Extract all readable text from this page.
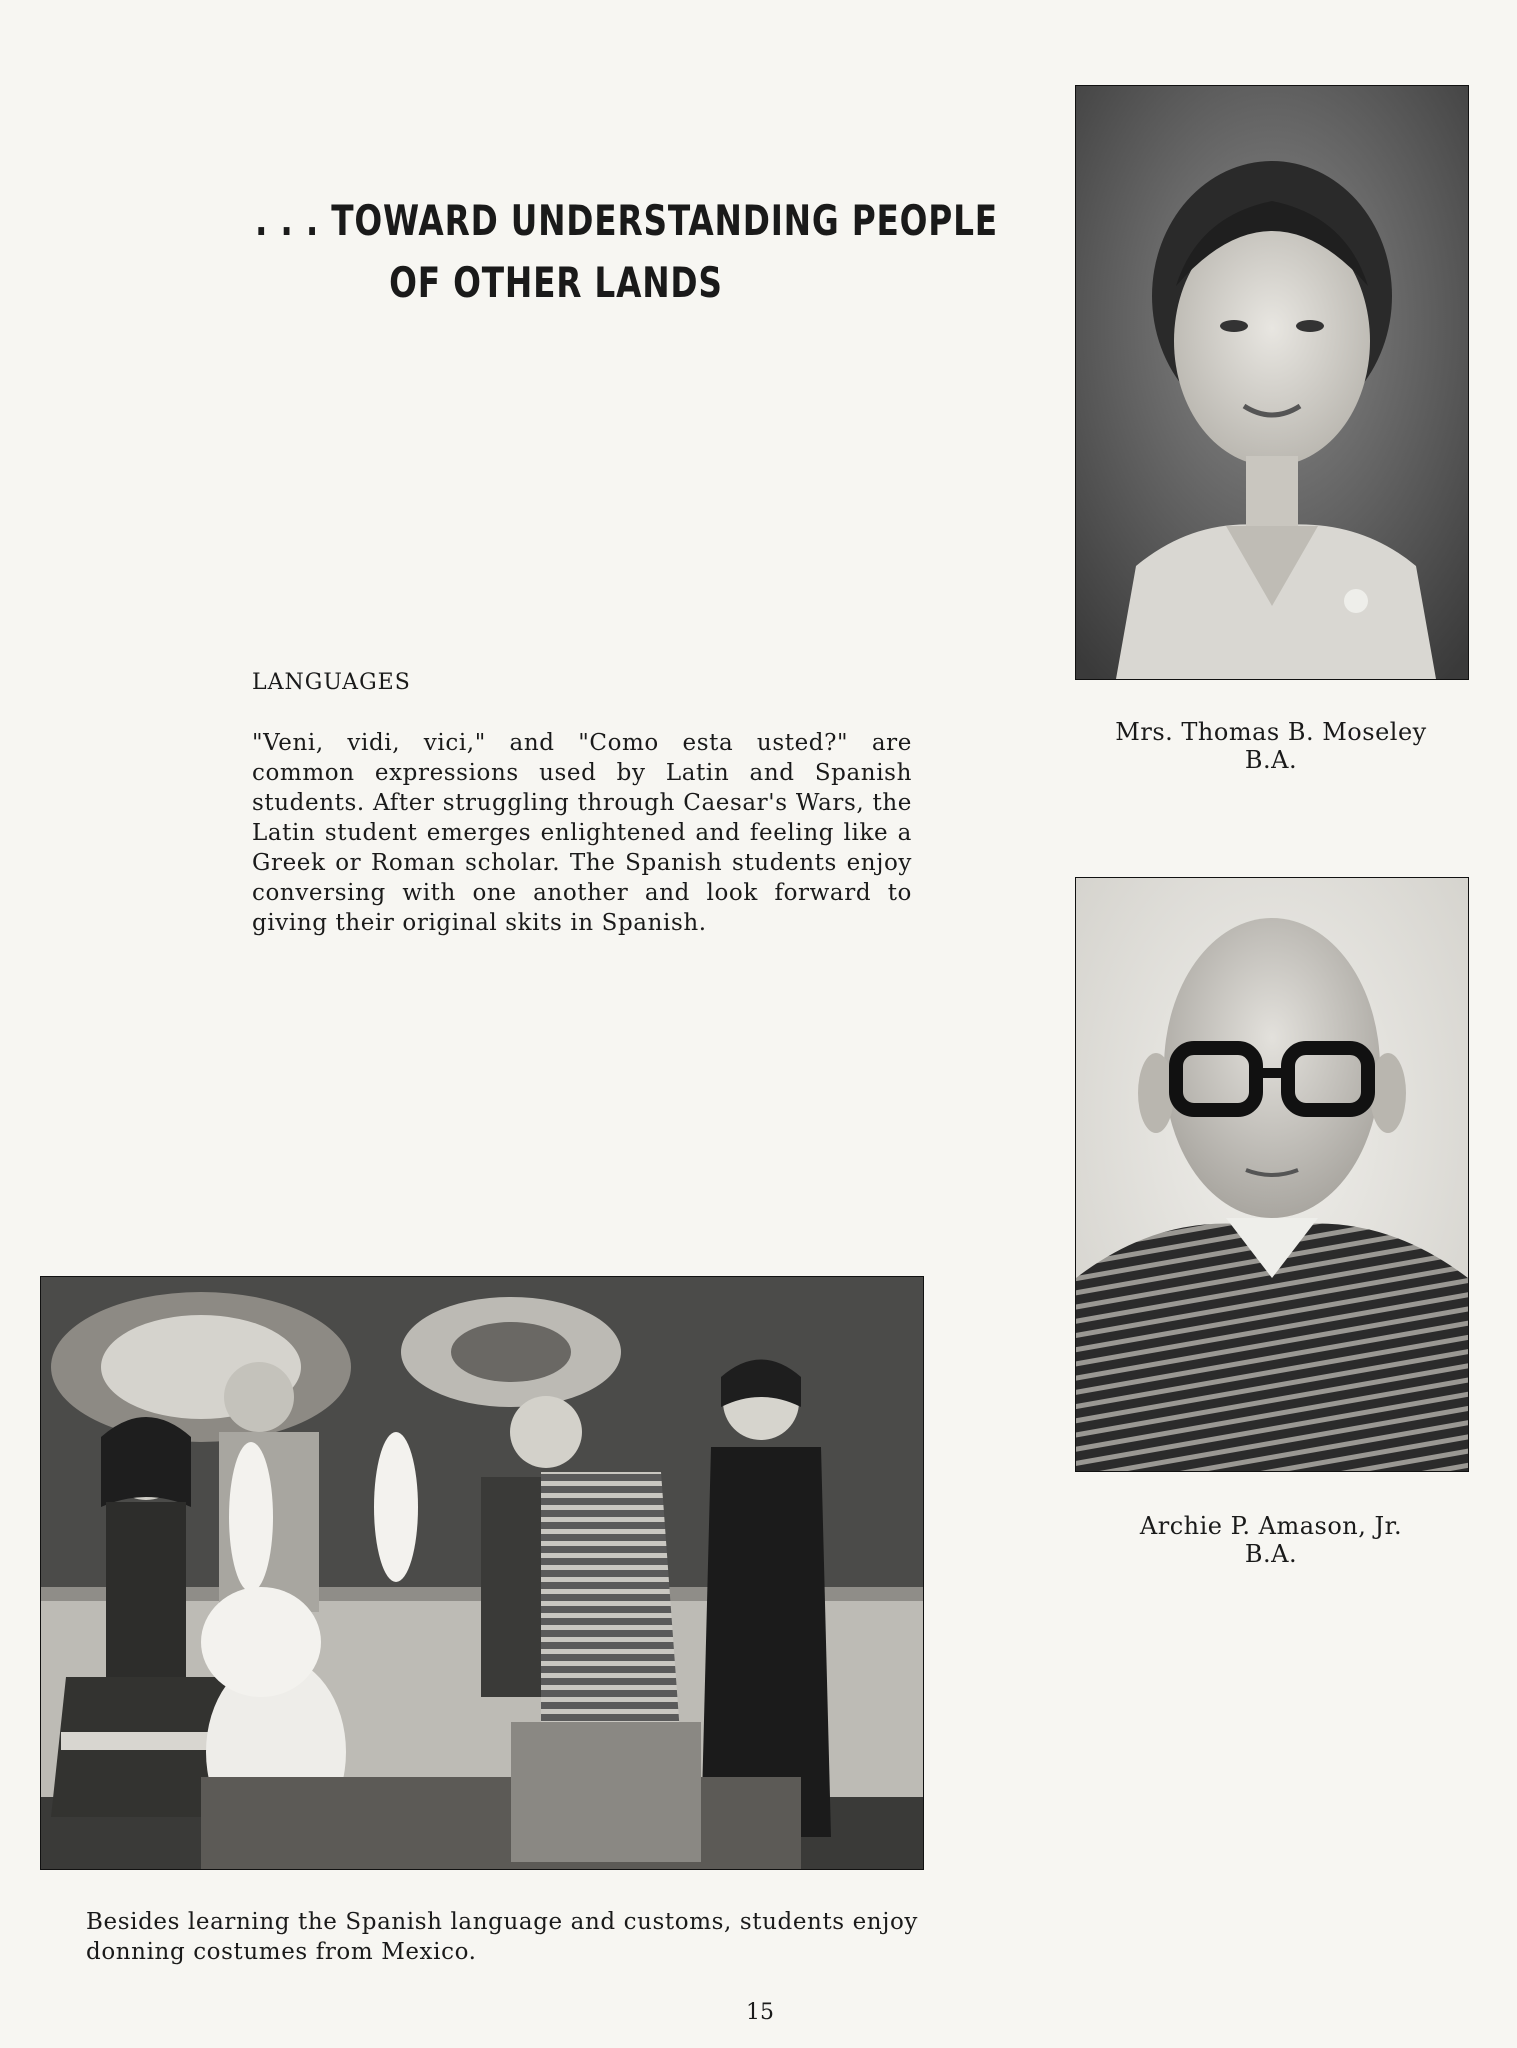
. . . TOWARD UNDERSTANDING PEOPLE
OF OTHER LANDS
LANGUAGES
"Veni, vidi, vici," and "Como esta usted?" are common expressions used by Latin and Spanish students. After struggling through Caesar's Wars, the Latin student emerges enlightened and feeling like a Greek or Roman scholar. The Spanish students enjoy conversing with one another and look forward to giving their original skits in Spanish.
Mrs. Thomas B. Moseley
B.A.
Archie P. Amason, Jr.
B.A.
Besides learning the Spanish language and customs, students enjoy donning costumes from Mexico.
15
